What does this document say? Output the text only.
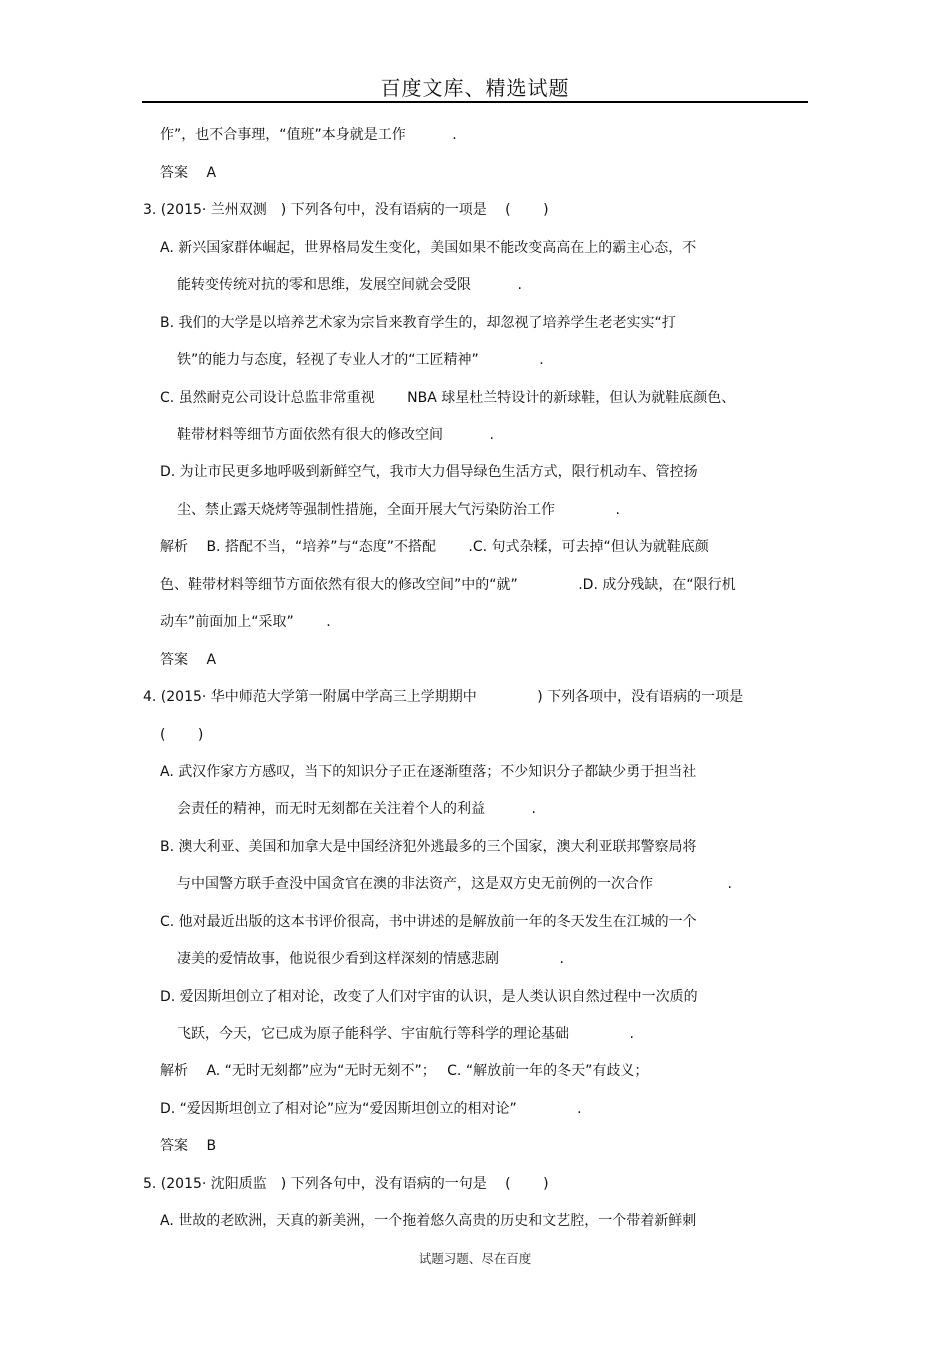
百度文库、精选试题
作”，也不合事理，“值班”本身就是工作 　　　.
答案　 A
3. (2015· 兰州双测　) 下列各句中，没有语病的一项是　 (　　 )
A. 新兴国家群体崛起，世界格局发生变化，美国如果不能改变高高在上的霸主心态，不
能转变传统对抗的零和思维，发展空间就会受限 　　　.
B. 我们的大学是以培养艺术家为宗旨来教育学生的，却忽视了培养学生老老实实“打
铁”的能力与态度，轻视了专业人才的“工匠精神” 　　　　.
C. 虽然耐克公司设计总监非常重视　　 NBA 球星杜兰特设计的新球鞋，但认为就鞋底颜色、
鞋带材料等细节方面依然有很大的修改空间 　　　.
D. 为让市民更多地呼吸到新鲜空气，我市大力倡导绿色生活方式，限行机动车、管控扬
尘、禁止露天烧烤等强制性措施，全面开展大气污染防治工作 　　　　.
解析　 B. 搭配不当，“培养”与“态度”不搭配 　　.C. 句式杂糅，可去掉“但认为就鞋底颜
色、鞋带材料等细节方面依然有很大的修改空间”中的“就” 　　　　.D. 成分残缺，在“限行机
动车”前面加上“采取” 　　.
答案　 A
4. (2015· 华中师范大学第一附属中学高三上学期期中 　　　　) 下列各项中，没有语病的一项是
(　　 )
A. 武汉作家方方感叹，当下的知识分子正在逐渐堕落；不少知识分子都缺少勇于担当社
会责任的精神，而无时无刻都在关注着个人的利益 　　　.
B. 澳大利亚、美国和加拿大是中国经济犯外逃最多的三个国家，澳大利亚联邦警察局将
与中国警方联手查没中国贪官在澳的非法资产，这是双方史无前例的一次合作 　　　　　.
C. 他对最近出版的这本书评价很高，书中讲述的是解放前一年的冬天发生在江城的一个
凄美的爱情故事，他说很少看到这样深刻的情感悲剧 　　　　.
D. 爱因斯坦创立了相对论，改变了人们对宇宙的认识，是人类认识自然过程中一次质的
飞跃，今天，它已成为原子能科学、宇宙航行等科学的理论基础 　　　　.
解析　 A. “无时无刻都”应为“无时无刻不”；　 C. “解放前一年的冬天”有歧义；
D. “爱因斯坦创立了相对论”应为“爱因斯坦创立的相对论” 　　　　.
答案　 B
5. (2015· 沈阳质监　) 下列各句中，没有语病的一句是　 (　　 )
A. 世故的老欧洲，天真的新美洲，一个拖着悠久高贵的历史和文艺腔，一个带着新鲜刺
试题习题、尽在百度
